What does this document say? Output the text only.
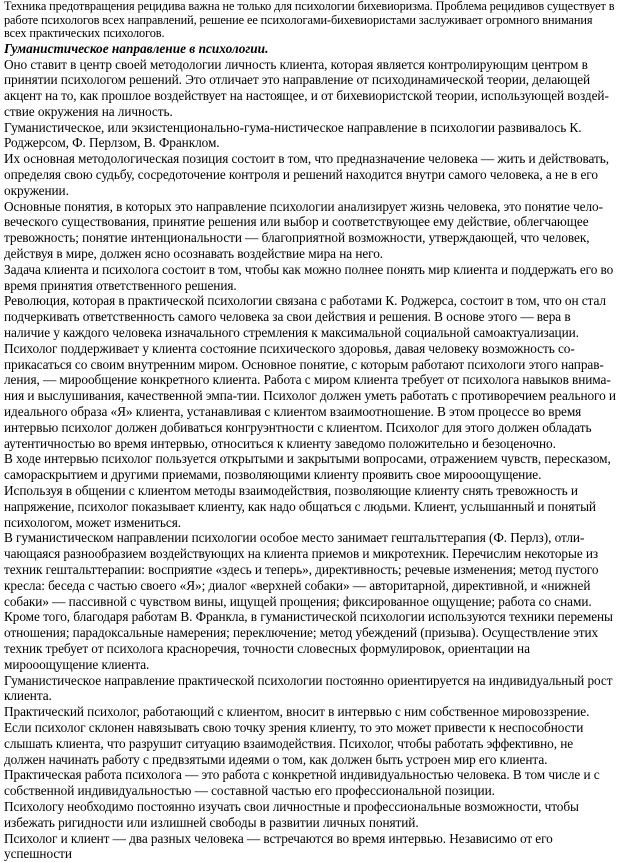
Техника предотвращения рецидива важна не только для психологии бихевиоризма. Проблема рецидивов существует в работе психологов всех направлений, решение ее психологами-бихевиористами заслуживает огромного внимания всех практических психологов.

Гуманистическое направление в психологии.

Оно ставит в центр своей методологии личность клиента, которая является контролирующим центром в принятии психологом решений. Это отличает это направление от психодинамической теории, делающей акцент на то, как прошлое воздействует на настоящее, и от бихевиористской теории, использующей воздей-ствие окружения на личность.

Гуманистическое, или экзистенционально-гума-нистическое направление в психологии развивалось К. Роджерсом, Ф. Перлзом, В. Франклом.

Их основная методологическая позиция состоит в том, что предназначение человека — жить и действовать, определяя свою судьбу, сосредоточение контроля и решений находится внутри самого человека, а не в его окружении.

Основные понятия, в которых это направление психологии анализирует жизнь человека, это понятие чело-веческого существования, принятие решения или выбор и соответствующее ему действие, облегчающее тревожность; понятие интенциональности — благоприятной возможности, утверждающей, что человек, действуя в мире, должен ясно осознавать воздействие мира на него.

Задача клиента и психолога состоит в том, чтобы как можно полнее понять мир клиента и поддержать его во время принятия ответственного решения.

Революция, которая в практической психологии связана с работами К. Роджерса, состоит в том, что он стал подчеркивать ответственность самого человека за свои действия и решения. В основе этого — вера в наличие у каждого человека изначального стремления к максимальной социальной самоактуализации.

Психолог поддерживает у клиента состояние психического здоровья, давая человеку возможность со-прикасаться со своим внутренним миром. Основное понятие, с которым работают психологи этого направ-ления, — мирообщение конкретного клиента. Работа с миром клиента требует от психолога навыков внима-ния и выслушивания, качественной эмпа-тии. Психолог должен уметь работать с противоречием реального и идеального образа «Я» клиента, устанавливая с клиентом взаимоотношение. В этом процессе во время интервью психолог должен добиваться конгруэнтности с клиентом. Психолог для этого должен обладать аутентичностью во время интервью, относиться к клиенту заведомо положительно и безоценочно.

В ходе интервью психолог пользуется открытыми и закрытыми вопросами, отражением чувств, пересказом, самораскрытием и другими приемами, позволяющими клиенту проявить свое мирооощущение.

Используя в общении с клиентом методы взаимодействия, позволяющие клиенту снять тревожность и напряжение, психолог показывает клиенту, как надо общаться с людьми. Клиент, услышанный и понятый психологом, может измениться.

В гуманистическом направлении психологии особое место занимает гештальттерапия (Ф. Перлз), отли-чающаяся разнообразием воздействующих на клиента приемов и микротехник. Перечислим некоторые из техник гештальттерапии: восприятие «здесь и теперь», директивность; речевые изменения; метод пустого кресла: беседа с частью своего «Я»; диалог «верхней собаки» — авторитарной, директивной, и «нижней собаки» — пассивной с чувством вины, ищущей прощения; фиксированное ощущение; работа со снами.

Кроме того, благодаря работам В. Франкла, в гуманистической психологии используются техники перемены отношения; парадоксальные намерения; переключение; метод убеждений (призыва). Осуществление этих техник требует от психолога красноречия, точности словесных формулировок, ориентации на мирооощущение клиента.

Гуманистическое направление практической психологии постоянно ориентируется на индивидуальный рост клиента.

Практический психолог, работающий с клиентом, вносит в интервью с ним собственное мировоззрение. Если психолог склонен навязывать свою точку зрения клиенту, то это может привести к неспособности слышать клиента, что разрушит ситуацию взаимодействия. Психолог, чтобы работать эффективно, не должен начинать работу с предвзятыми идеями о том, как должен быть устроен мир его клиента. Практическая работа психолога — это работа с конкретной индивидуальностью человека. В том числе и с собственной индивидуальностью — составной частью его профессиональной позиции.

Психологу необходимо постоянно изучать свои личностные и профессиональные возможности, чтобы избежать ригидности или излишней свободы в развитии личных понятий.

Психолог и клиент — два разных человека — встречаются во время интервью. Независимо от его успешности
